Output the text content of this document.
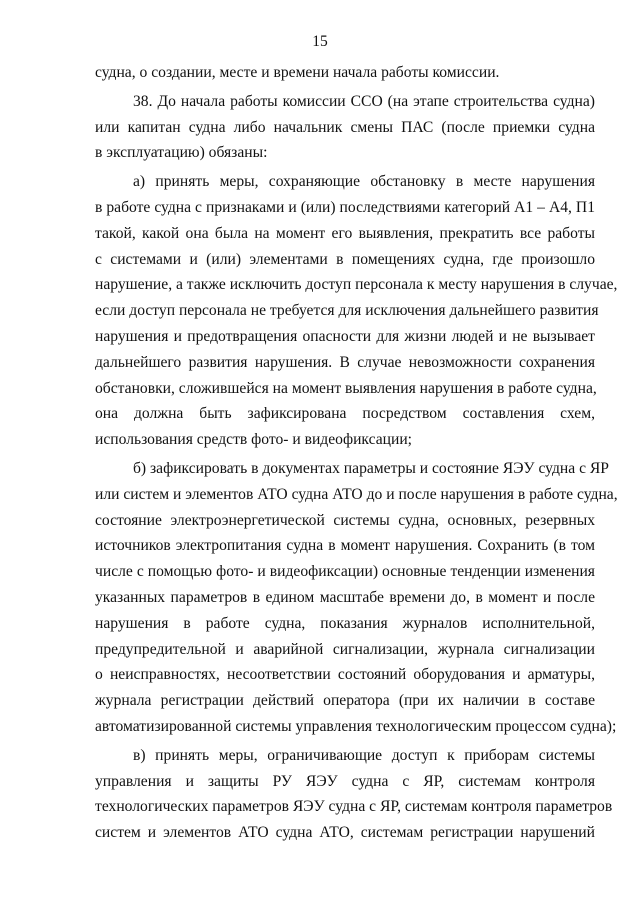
15
судна, о создании, месте и времени начала работы комиссии.
38. До начала работы комиссии ССО (на этапе строительства судна)
или капитан судна либо начальник смены ПАС (после приемки судна
в эксплуатацию) обязаны:
а) принять меры, сохраняющие обстановку в месте нарушения
в работе судна с признаками и (или) последствиями категорий А1 – А4, П1
такой, какой она была на момент его выявления, прекратить все работы
с системами и (или) элементами в помещениях судна, где произошло
нарушение, а также исключить доступ персонала к месту нарушения в случае,
если доступ персонала не требуется для исключения дальнейшего развития
нарушения и предотвращения опасности для жизни людей и не вызывает
дальнейшего развития нарушения. В случае невозможности сохранения
обстановки, сложившейся на момент выявления нарушения в работе судна,
она должна быть зафиксирована посредством составления схем,
использования средств фото- и видеофиксации;
б) зафиксировать в документах параметры и состояние ЯЭУ судна с ЯР
или систем и элементов АТО судна АТО до и после нарушения в работе судна,
состояние электроэнергетической системы судна, основных, резервных
источников электропитания судна в момент нарушения. Сохранить (в том
числе с помощью фото- и видеофиксации) основные тенденции изменения
указанных параметров в едином масштабе времени до, в момент и после
нарушения в работе судна, показания журналов исполнительной,
предупредительной и аварийной сигнализации, журнала сигнализации
о неисправностях, несоответствии состояний оборудования и арматуры,
журнала регистрации действий оператора (при их наличии в составе
автоматизированной системы управления технологическим процессом судна);
в) принять меры, ограничивающие доступ к приборам системы
управления и защиты РУ ЯЭУ судна с ЯР, системам контроля
технологических параметров ЯЭУ судна с ЯР, системам контроля параметров
систем и элементов АТО судна АТО, системам регистрации нарушений
